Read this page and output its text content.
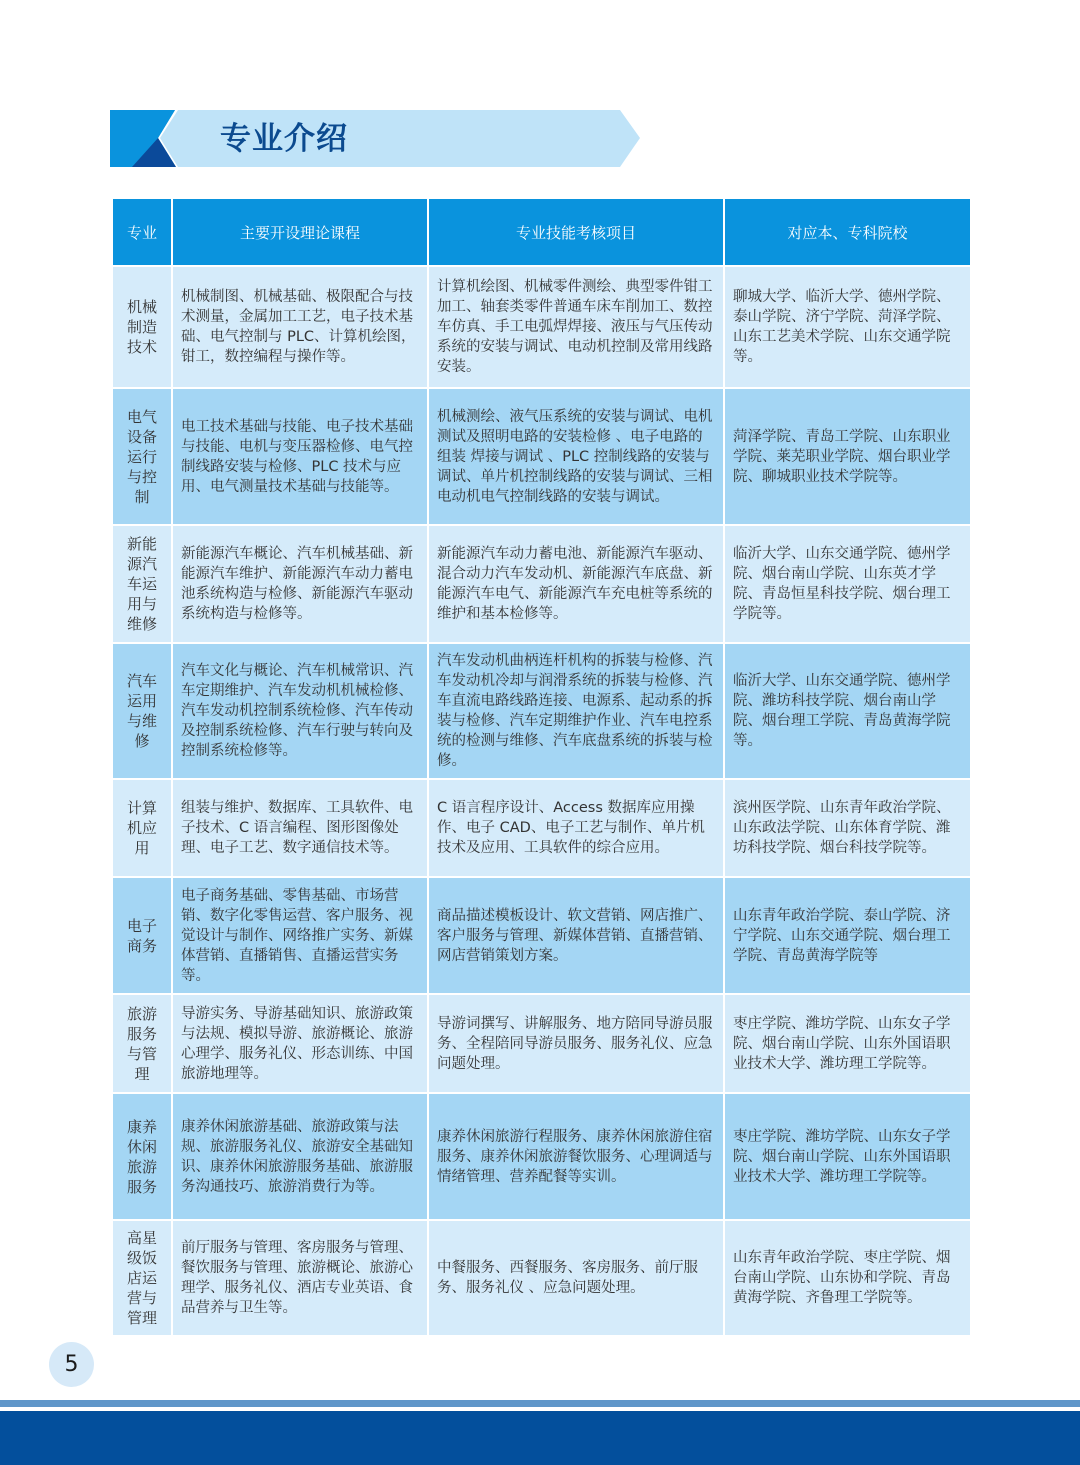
专业介绍
专业	主要开设理论课程	专业技能考核项目	对应本、专科院校
机械制造技术	机械制图、机械基础、极限配合与技术测量，金属加工工艺，电子技术基础、电气控制与 PLC、计算机绘图，钳工，数控编程与操作等。	计算机绘图、机械零件测绘、典型零件钳工加工、轴套类零件普通车床车削加工、数控车仿真、手工电弧焊焊接、液压与气压传动系统的安装与调试、电动机控制及常用线路安装。	聊城大学、临沂大学、德州学院、泰山学院、济宁学院、菏泽学院、山东工艺美术学院、山东交通学院等。
电气设备运行与控制	电工技术基础与技能、电子技术基础与技能、电机与变压器检修、电气控制线路安装与检修、PLC 技术与应用、电气测量技术基础与技能等。	机械测绘、液气压系统的安装与调试、电机测试及照明电路的安装检修 、电子电路的组装 焊接与调试 、PLC 控制线路的安装与调试、单片机控制线路的安装与调试、三相电动机电气控制线路的安装与调试。	菏泽学院、青岛工学院、山东职业学院、莱芜职业学院、烟台职业学院、聊城职业技术学院等。
新能源汽车运用与维修	新能源汽车概论、汽车机械基础、新能源汽车维护、新能源汽车动力蓄电池系统构造与检修、新能源汽车驱动系统构造与检修等。	新能源汽车动力蓄电池、新能源汽车驱动、混合动力汽车发动机、新能源汽车底盘、新能源汽车电气、新能源汽车充电桩等系统的维护和基本检修等。	临沂大学、山东交通学院、德州学院、烟台南山学院、山东英才学院、青岛恒星科技学院、烟台理工学院等。
汽车运用与维修	汽车文化与概论、汽车机械常识、汽车定期维护、汽车发动机机械检修、汽车发动机控制系统检修、汽车传动及控制系统检修、汽车行驶与转向及控制系统检修等。	汽车发动机曲柄连杆机构的拆装与检修、汽车发动机冷却与润滑系统的拆装与检修、汽车直流电路线路连接、电源系、起动系的拆装与检修、汽车定期维护作业、汽车电控系统的检测与维修、汽车底盘系统的拆装与检修。	临沂大学、山东交通学院、德州学院、潍坊科技学院、烟台南山学院、烟台理工学院、青岛黄海学院等。
计算机应用	组装与维护、数据库、工具软件、电子技术、C 语言编程、图形图像处理、电子工艺、数字通信技术等。	C 语言程序设计、Access 数据库应用操作、电子 CAD、电子工艺与制作、单片机技术及应用、工具软件的综合应用。	滨州医学院、山东青年政治学院、山东政法学院、山东体育学院、潍坊科技学院、烟台科技学院等。
电子商务	电子商务基础、零售基础、市场营销、数字化零售运营、客户服务、视觉设计与制作、网络推广实务、新媒体营销、直播销售、直播运营实务等。	商品描述模板设计、软文营销、网店推广、客户服务与管理、新媒体营销、直播营销、网店营销策划方案。	山东青年政治学院、泰山学院、济宁学院、山东交通学院、烟台理工学院、青岛黄海学院等
旅游服务与管理	导游实务、导游基础知识、旅游政策与法规、模拟导游、旅游概论、旅游心理学、服务礼仪、形态训练、中国旅游地理等。	导游词撰写、讲解服务、地方陪同导游员服务、全程陪同导游员服务、服务礼仪、应急问题处理。	枣庄学院、潍坊学院、山东女子学院、烟台南山学院、山东外国语职业技术大学、潍坊理工学院等。
康养休闲旅游服务	康养休闲旅游基础、旅游政策与法规、旅游服务礼仪、旅游安全基础知识、康养休闲旅游服务基础、旅游服务沟通技巧、旅游消费行为等。	康养休闲旅游行程服务、康养休闲旅游住宿服务、康养休闲旅游餐饮服务、心理调适与情绪管理、营养配餐等实训。	枣庄学院、潍坊学院、山东女子学院、烟台南山学院、山东外国语职业技术大学、潍坊理工学院等。
高星级饭店运营与管理	前厅服务与管理、客房服务与管理、餐饮服务与管理、旅游概论、旅游心理学、服务礼仪、酒店专业英语、食品营养与卫生等。	中餐服务、西餐服务、客房服务、前厅服务、服务礼仪 、应急问题处理。	山东青年政治学院、枣庄学院、烟台南山学院、山东协和学院、青岛黄海学院、齐鲁理工学院等。
5
